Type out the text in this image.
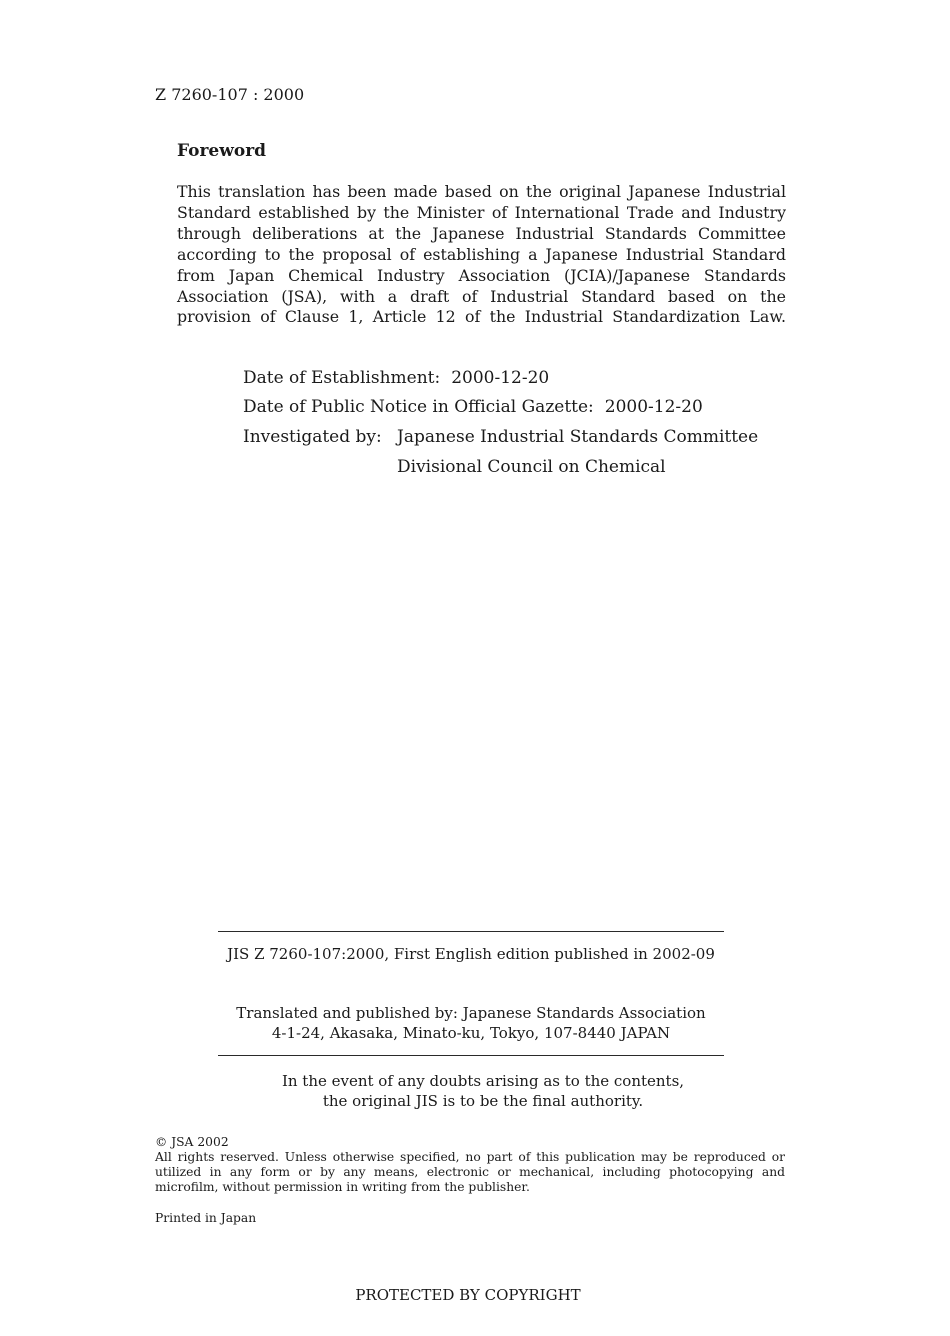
Z 7260-107 : 2000
Foreword
This translation has been made based on the original Japanese Industrial
Standard established by the Minister of International Trade and Industry
through deliberations at the Japanese Industrial Standards Committee
according to the proposal of establishing a Japanese Industrial Standard
from Japan Chemical Industry Association (JCIA)/Japanese Standards
Association (JSA), with a draft of Industrial Standard based on the
provision of Clause 1, Article 12 of the Industrial Standardization Law.
Date of Establishment: 2000-12-20
Date of Public Notice in Official Gazette: 2000-12-20
Investigated by: Japanese Industrial Standards Committee
Divisional Council on Chemical
JIS Z 7260-107:2000, First English edition published in 2002-09
Translated and published by: Japanese Standards Association
4-1-24, Akasaka, Minato-ku, Tokyo, 107-8440 JAPAN
In the event of any doubts arising as to the contents,
the original JIS is to be the final authority.
© JSA 2002
All rights reserved. Unless otherwise specified, no part of this publication may be reproduced or
utilized in any form or by any means, electronic or mechanical, including photocopying and
microfilm, without permission in writing from the publisher.
Printed in Japan
PROTECTED BY COPYRIGHT
